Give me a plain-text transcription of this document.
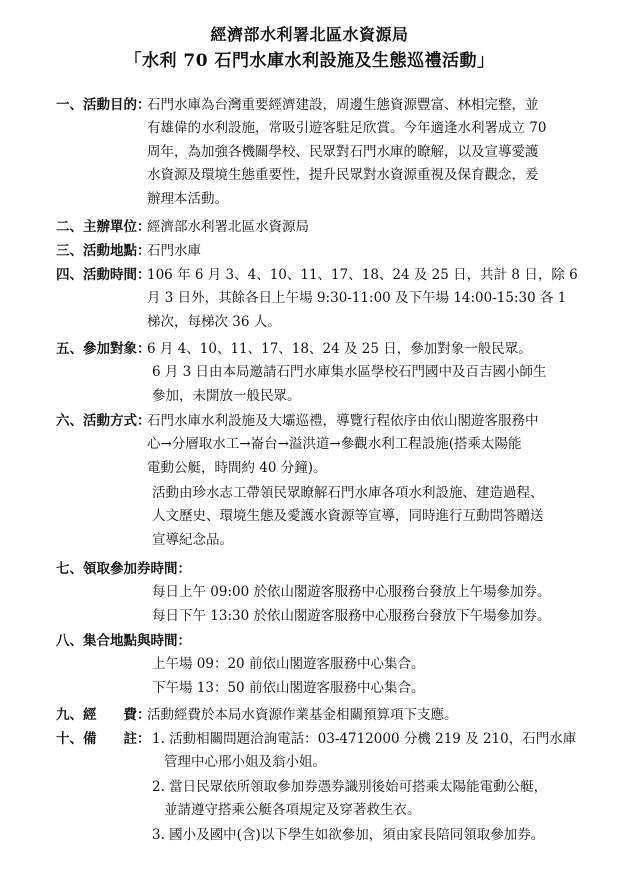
經濟部水利署北區水資源局
「水利 70 石門水庫水利設施及生態巡禮活動」
一、活動目的：
石門水庫為台灣重要經濟建設，周邊生態資源豐富、林相完整，並
有雄偉的水利設施，常吸引遊客駐足欣賞。今年適逢水利署成立 70
周年，為加強各機關學校、民眾對石門水庫的瞭解，以及宣導愛護
水資源及環境生態重要性，提升民眾對水資源重視及保育觀念，爰
辦理本活動。
二、主辦單位：
經濟部水利署北區水資源局
三、活動地點：
石門水庫
四、活動時間：
106 年 6 月 3、4、10、11、17、18、24 及 25 日，共計 8 日，除 6
月 3 日外，其餘各日上午場 9:30-11:00 及下午場 14:00-15:30 各 1
梯次，每梯次 36 人。
五、參加對象：
6 月 4、10、11、17、18、24 及 25 日，參加對象一般民眾。
6 月 3 日由本局邀請石門水庫集水區學校石門國中及百吉國小師生
參加，未開放一般民眾。
六、活動方式：
石門水庫水利設施及大壩巡禮，導覽行程依序由依山閣遊客服務中
心→分層取水工→崙台→溢洪道→參觀水利工程設施(搭乘太陽能
電動公艇，時間約 40 分鐘)。
活動由珍水志工帶領民眾瞭解石門水庫各項水利設施、建造過程、
人文歷史、環境生態及愛護水資源等宣導，同時進行互動問答贈送
宣導紀念品。
七、領取參加券時間：
每日上午 09:00 於依山閣遊客服務中心服務台發放上午場參加券。
每日下午 13:30 於依山閣遊客服務中心服務台發放下午場參加券。
八、集合地點與時間：
上午場 09：20 前依山閣遊客服務中心集合。
下午場 13：50 前依山閣遊客服務中心集合。
九、經　　費：
活動經費於本局水資源作業基金相關預算項下支應。
十、備　　註： 1. 活動相關問題洽詢電話：03-4712000 分機 219 及 210，石門水庫
管理中心邢小姐及翁小姐。
2. 當日民眾依所領取參加券憑券識別後始可搭乘太陽能電動公艇，
並請遵守搭乘公艇各項規定及穿著救生衣。
3. 國小及國中(含)以下學生如欲參加，須由家長陪同領取參加券。
